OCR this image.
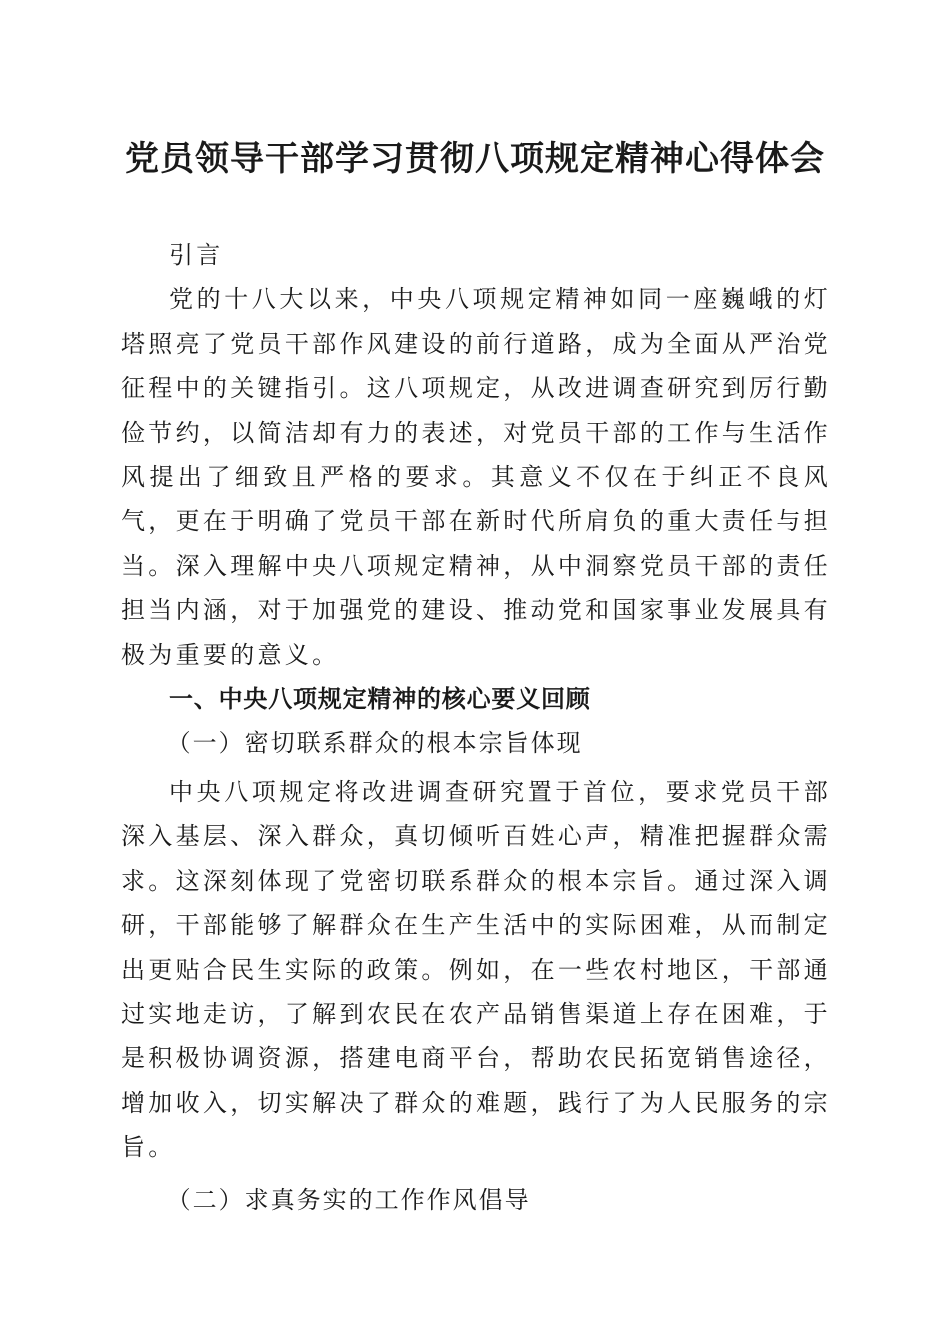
党员领导干部学习贯彻八项规定精神心得体会

引言

党的十八大以来，中央八项规定精神如同一座巍峨的灯塔照亮了党员干部作风建设的前行道路，成为全面从严治党征程中的关键指引。这八项规定，从改进调查研究到厉行勤俭节约，以简洁却有力的表述，对党员干部的工作与生活作风提出了细致且严格的要求。其意义不仅在于纠正不良风气，更在于明确了党员干部在新时代所肩负的重大责任与担当。深入理解中央八项规定精神，从中洞察党员干部的责任担当内涵，对于加强党的建设、推动党和国家事业发展具有极为重要的意义。

一、中央八项规定精神的核心要义回顾

（一）密切联系群众的根本宗旨体现

中央八项规定将改进调查研究置于首位，要求党员干部深入基层、深入群众，真切倾听百姓心声，精准把握群众需求。这深刻体现了党密切联系群众的根本宗旨。通过深入调研，干部能够了解群众在生产生活中的实际困难，从而制定出更贴合民生实际的政策。例如，在一些农村地区，干部通过实地走访，了解到农民在农产品销售渠道上存在困难，于是积极协调资源，搭建电商平台，帮助农民拓宽销售途径，增加收入，切实解决了群众的难题，践行了为人民服务的宗旨。

（二）求真务实的工作作风倡导
